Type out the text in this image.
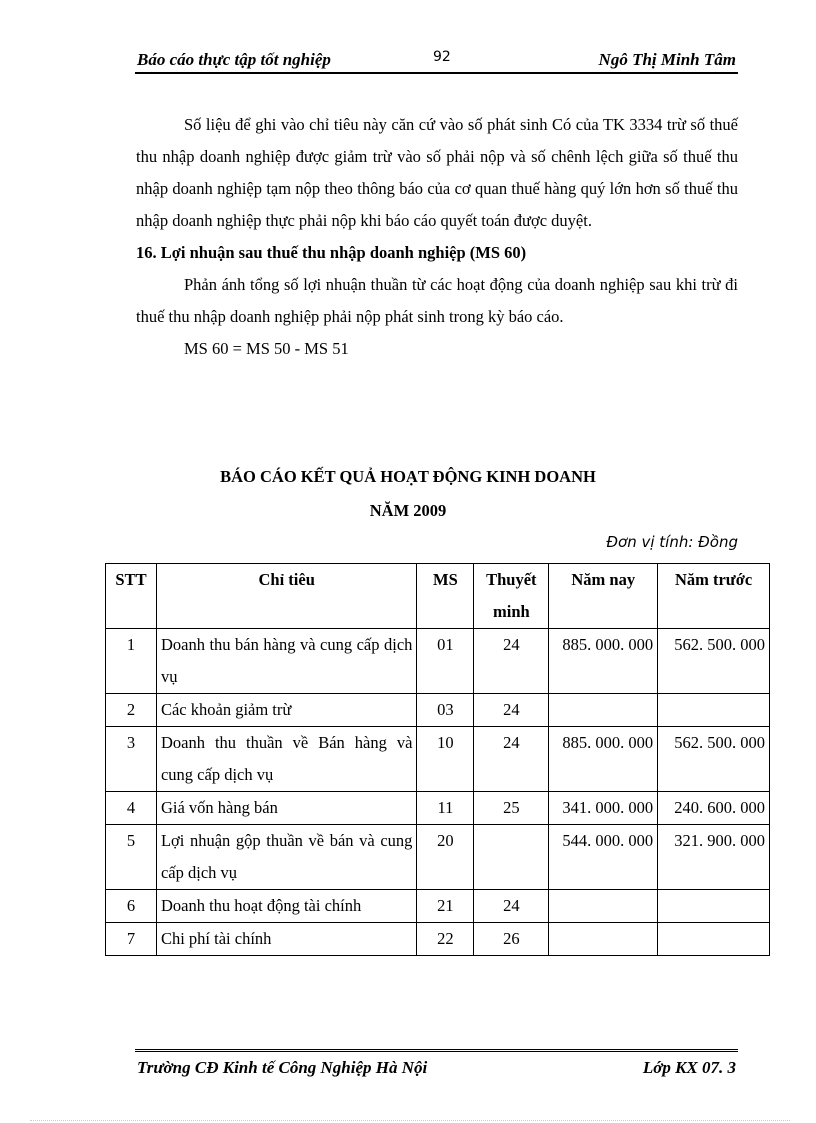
Báo cáo thực tập tốt nghiệp	92	Ngô Thị Minh Tâm

Số liệu để ghi vào chỉ tiêu này căn cứ vào số phát sinh Có của TK 3334 trừ số thuế thu nhập doanh nghiệp được giảm trừ vào số phải nộp và số chênh lệch giữa số thuế thu nhập doanh nghiệp tạm nộp theo thông báo của cơ quan thuế hàng quý lớn hơn số thuế thu nhập doanh nghiệp thực phải nộp khi báo cáo quyết toán được duyệt.

16. Lợi nhuận sau thuế thu nhập doanh nghiệp (MS 60)

Phản ánh tổng số lợi nhuận thuần từ các hoạt động của doanh nghiệp sau khi trừ đi thuế thu nhập doanh nghiệp phải nộp phát sinh trong kỳ báo cáo.

MS 60 = MS 50 - MS 51

BÁO CÁO KẾT QUẢ HOẠT ĐỘNG KINH DOANH
NĂM 2009
Đơn vị tính: Đồng
STT	Chỉ tiêu	MS	Thuyết minh	Năm nay	Năm trước
1	Doanh thu bán hàng và cung cấp dịch vụ	01	24	885. 000. 000	562. 500. 000
2	Các khoản giảm trừ	03	24		
3	Doanh thu thuần về Bán hàng và cung cấp dịch vụ	10	24	885. 000. 000	562. 500. 000
4	Giá vốn hàng bán	11	25	341. 000. 000	240. 600. 000
5	Lợi nhuận gộp thuần về bán và cung cấp dịch vụ	20		544. 000. 000	321. 900. 000
6	Doanh thu hoạt động tài chính	21	24		
7	Chi phí tài chính	22	26		
Trường CĐ Kinh tế Công Nghiệp Hà Nội	Lớp KX 07. 3
